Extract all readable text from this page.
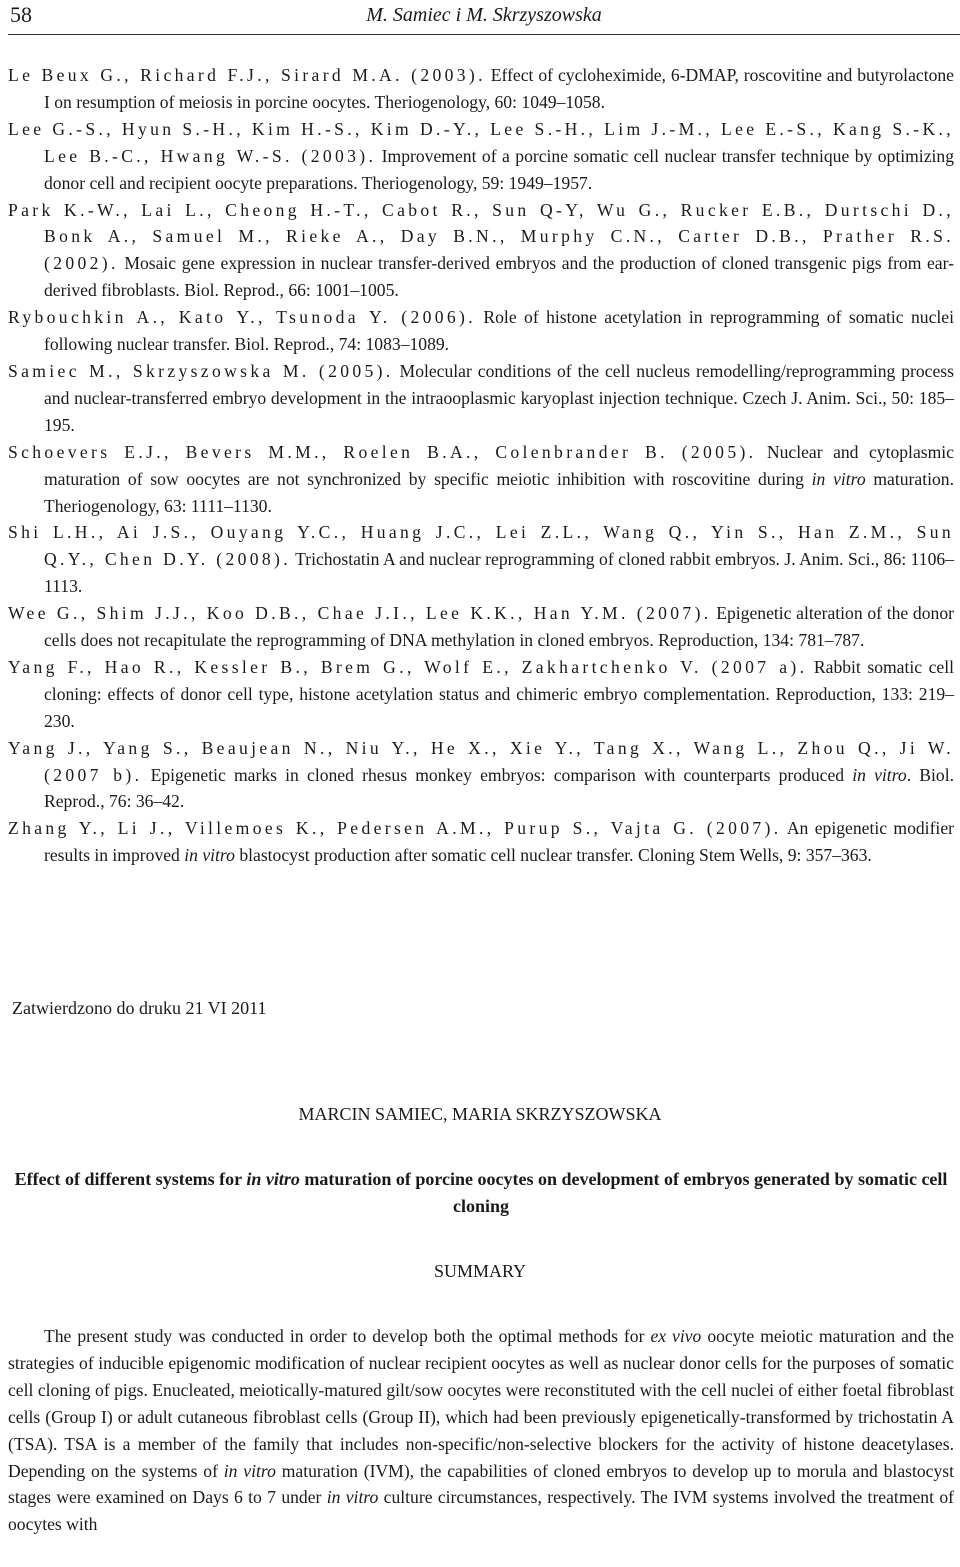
58	M. Samiec i M. Skrzyszowska

Le Beux G., Richard F.J., Sirard M.A. (2003). Effect of cycloheximide, 6-DMAP, roscovitine and butyrolactone I on resumption of meiosis in porcine oocytes. Theriogenology, 60: 1049–1058.

Lee G.-S., Hyun S.-H., Kim H.-S., Kim D.-Y., Lee S.-H., Lim J.-M., Lee E.-S., Kang S.-K., Lee B.-C., Hwang W.-S. (2003). Improvement of a porcine somatic cell nuclear transfer technique by optimizing donor cell and recipient oocyte preparations. Theriogenology, 59: 1949–1957.

Park K.-W., Lai L., Cheong H.-T., Cabot R., Sun Q-Y, Wu G., Rucker E.B., Durtschi D., Bonk A., Samuel M., Rieke A., Day B.N., Murphy C.N., Carter D.B., Prather R.S. (2002). Mosaic gene expression in nuclear transfer-derived embryos and the production of cloned transgenic pigs from ear-derived fibroblasts. Biol. Reprod., 66: 1001–1005.

Rybouchkin A., Kato Y., Tsunoda Y. (2006). Role of histone acetylation in reprogramming of somatic nuclei following nuclear transfer. Biol. Reprod., 74: 1083–1089.

Samiec M., Skrzyszowska M. (2005). Molecular conditions of the cell nucleus remodelling/reprogramming process and nuclear-transferred embryo development in the intraooplasmic karyoplast injection technique. Czech J. Anim. Sci., 50: 185–195.

Schoevers E.J., Bevers M.M., Roelen B.A., Colenbrander B. (2005). Nuclear and cytoplasmic maturation of sow oocytes are not synchronized by specific meiotic inhibition with roscovitine during in vitro maturation. Theriogenology, 63: 1111–1130.

Shi L.H., Ai J.S., Ouyang Y.C., Huang J.C., Lei Z.L., Wang Q., Yin S., Han Z.M., Sun Q.Y., Chen D.Y. (2008). Trichostatin A and nuclear reprogramming of cloned rabbit embryos. J. Anim. Sci., 86: 1106–1113.

Wee G., Shim J.J., Koo D.B., Chae J.I., Lee K.K., Han Y.M. (2007). Epigenetic alteration of the donor cells does not recapitulate the reprogramming of DNA methylation in cloned embryos. Reproduction, 134: 781–787.

Yang F., Hao R., Kessler B., Brem G., Wolf E., Zakhartchenko V. (2007 a). Rabbit somatic cell cloning: effects of donor cell type, histone acetylation status and chimeric embryo complementation. Reproduction, 133: 219–230.

Yang J., Yang S., Beaujean N., Niu Y., He X., Xie Y., Tang X., Wang L., Zhou Q., Ji W. (2007 b). Epigenetic marks in cloned rhesus monkey embryos: comparison with counterparts produced in vitro. Biol. Reprod., 76: 36–42.

Zhang Y., Li J., Villemoes K., Pedersen A.M., Purup S., Vajta G. (2007). An epigenetic modifier results in improved in vitro blastocyst production after somatic cell nuclear transfer. Cloning Stem Wells, 9: 357–363.

Zatwierdzono do druku 21 VI 2011
MARCIN SAMIEC, MARIA SKRZYSZOWSKA
Effect of different systems for in vitro maturation of porcine oocytes on development of embryos generated by somatic cell cloning
SUMMARY

The present study was conducted in order to develop both the optimal methods for ex vivo oocyte meiotic maturation and the strategies of inducible epigenomic modification of nuclear recipient oocytes as well as nuclear donor cells for the purposes of somatic cell cloning of pigs. Enucleated, meiotically-matured gilt/sow oocytes were reconstituted with the cell nuclei of either foetal fibroblast cells (Group I) or adult cutaneous fibroblast cells (Group II), which had been previously epigenetically-transformed by trichostatin A (TSA). TSA is a member of the family that includes non-specific/non-selective blockers for the activity of histone deacetylases. Depending on the systems of in vitro maturation (IVM), the capabilities of cloned embryos to develop up to morula and blastocyst stages were examined on Days 6 to 7 under in vitro culture circumstances, respectively. The IVM systems involved the treatment of oocytes with
